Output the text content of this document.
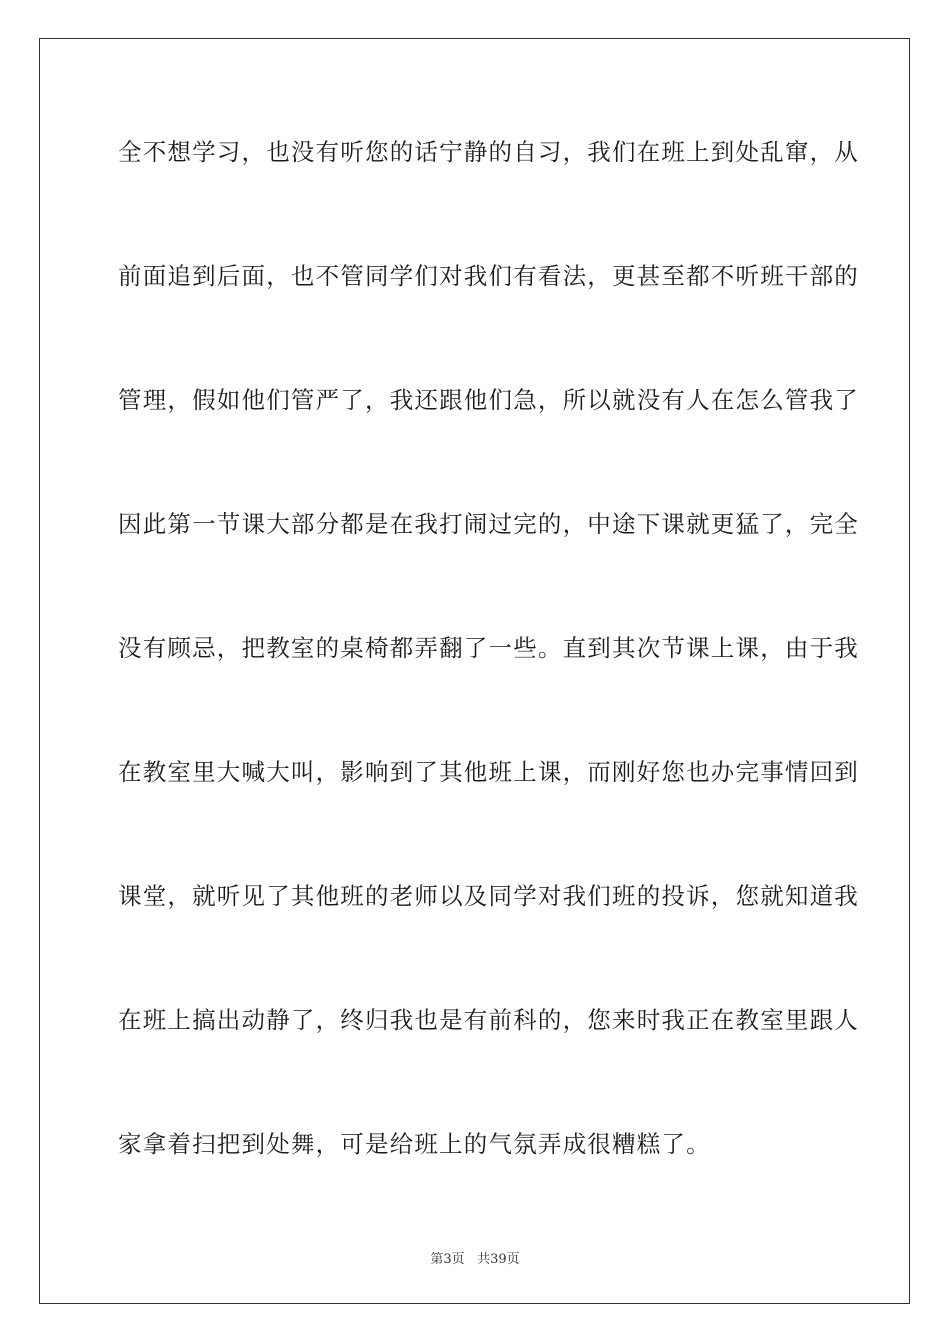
全不想学习，也没有听您的话宁静的自习，我们在班上到处乱窜，从

前面追到后面，也不管同学们对我们有看法，更甚至都不听班干部的

管理，假如他们管严了，我还跟他们急，所以就没有人在怎么管我了

因此第一节课大部分都是在我打闹过完的，中途下课就更猛了，完全

没有顾忌，把教室的桌椅都弄翻了一些。直到其次节课上课，由于我

在教室里大喊大叫，影响到了其他班上课，而刚好您也办完事情回到

课堂，就听见了其他班的老师以及同学对我们班的投诉，您就知道我

在班上搞出动静了，终归我也是有前科的，您来时我正在教室里跟人

家拿着扫把到处舞，可是给班上的气氛弄成很糟糕了。

第3页 共39页
